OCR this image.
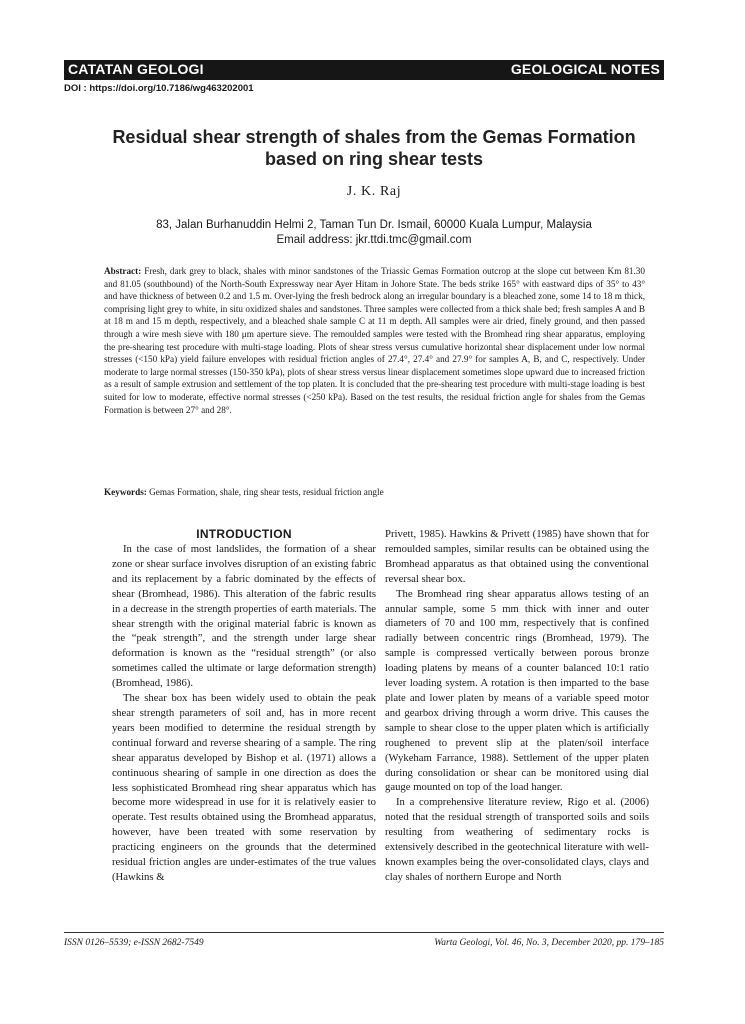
CATATAN GEOLOGI	GEOLOGICAL NOTES
DOI : https://doi.org/10.7186/wg463202001
Residual shear strength of shales from the Gemas Formation
based on ring shear tests
J. K. Raj
83, Jalan Burhanuddin Helmi 2, Taman Tun Dr. Ismail, 60000 Kuala Lumpur, Malaysia
Email address: jkr.ttdi.tmc@gmail.com
Abstract: Fresh, dark grey to black, shales with minor sandstones of the Triassic Gemas Formation outcrop at the slope cut between Km 81.30 and 81.05 (southbound) of the North-South Expressway near Ayer Hitam in Johore State. The beds strike 165° with eastward dips of 35° to 43° and have thickness of between 0.2 and 1.5 m. Over-lying the fresh bedrock along an irregular boundary is a bleached zone, some 14 to 18 m thick, comprising light grey to white, in situ oxidized shales and sandstones. Three samples were collected from a thick shale bed; fresh samples A and B at 18 m and 15 m depth, respectively, and a bleached shale sample C at 11 m depth. All samples were air dried, finely ground, and then passed through a wire mesh sieve with 180 μm aperture sieve. The remoulded samples were tested with the Bromhead ring shear apparatus, employing the pre-shearing test procedure with multi-stage loading. Plots of shear stress versus cumulative horizontal shear displacement under low normal stresses (<150 kPa) yield failure envelopes with residual friction angles of 27.4°, 27.4° and 27.9° for samples A, B, and C, respectively. Under moderate to large normal stresses (150-350 kPa), plots of shear stress versus linear displacement sometimes slope upward due to increased friction as a result of sample extrusion and settlement of the top platen. It is concluded that the pre-shearing test procedure with multi-stage loading is best suited for low to moderate, effective normal stresses (<250 kPa). Based on the test results, the residual friction angle for shales from the Gemas Formation is between 27° and 28°.
Keywords: Gemas Formation, shale, ring shear tests, residual friction angle
INTRODUCTION

In the case of most landslides, the formation of a shear zone or shear surface involves disruption of an existing fabric and its replacement by a fabric dominated by the effects of shear (Bromhead, 1986). This alteration of the fabric results in a decrease in the strength properties of earth materials. The shear strength with the original material fabric is known as the “peak strength”, and the strength under large shear deformation is known as the “residual strength” (or also sometimes called the ultimate or large deformation strength) (Bromhead, 1986).

The shear box has been widely used to obtain the peak shear strength parameters of soil and, has in more recent years been modified to determine the residual strength by continual forward and reverse shearing of a sample. The ring shear apparatus developed by Bishop et al. (1971) allows a continuous shearing of sample in one direction as does the less sophisticated Bromhead ring shear apparatus which has become more widespread in use for it is relatively easier to operate. Test results obtained using the Bromhead apparatus, however, have been treated with some reservation by practicing engineers on the grounds that the determined residual friction angles are under-estimates of the true values (Hawkins &

Privett, 1985). Hawkins & Privett (1985) have shown that for remoulded samples, similar results can be obtained using the Bromhead apparatus as that obtained using the conventional reversal shear box.

The Bromhead ring shear apparatus allows testing of an annular sample, some 5 mm thick with inner and outer diameters of 70 and 100 mm, respectively that is confined radially between concentric rings (Bromhead, 1979). The sample is compressed vertically between porous bronze loading platens by means of a counter balanced 10:1 ratio lever loading system. A rotation is then imparted to the base plate and lower platen by means of a variable speed motor and gearbox driving through a worm drive. This causes the sample to shear close to the upper platen which is artificially roughened to prevent slip at the platen/soil interface (Wykeham Farrance, 1988). Settlement of the upper platen during consolidation or shear can be monitored using dial gauge mounted on top of the load hanger.

In a comprehensive literature review, Rigo et al. (2006) noted that the residual strength of transported soils and soils resulting from weathering of sedimentary rocks is extensively described in the geotechnical literature with well-known examples being the over-consolidated clays, clays and clay shales of northern Europe and North

ISSN 0126–5539; e-ISSN 2682-7549	Warta Geologi, Vol. 46, No. 3, December 2020, pp. 179–185
